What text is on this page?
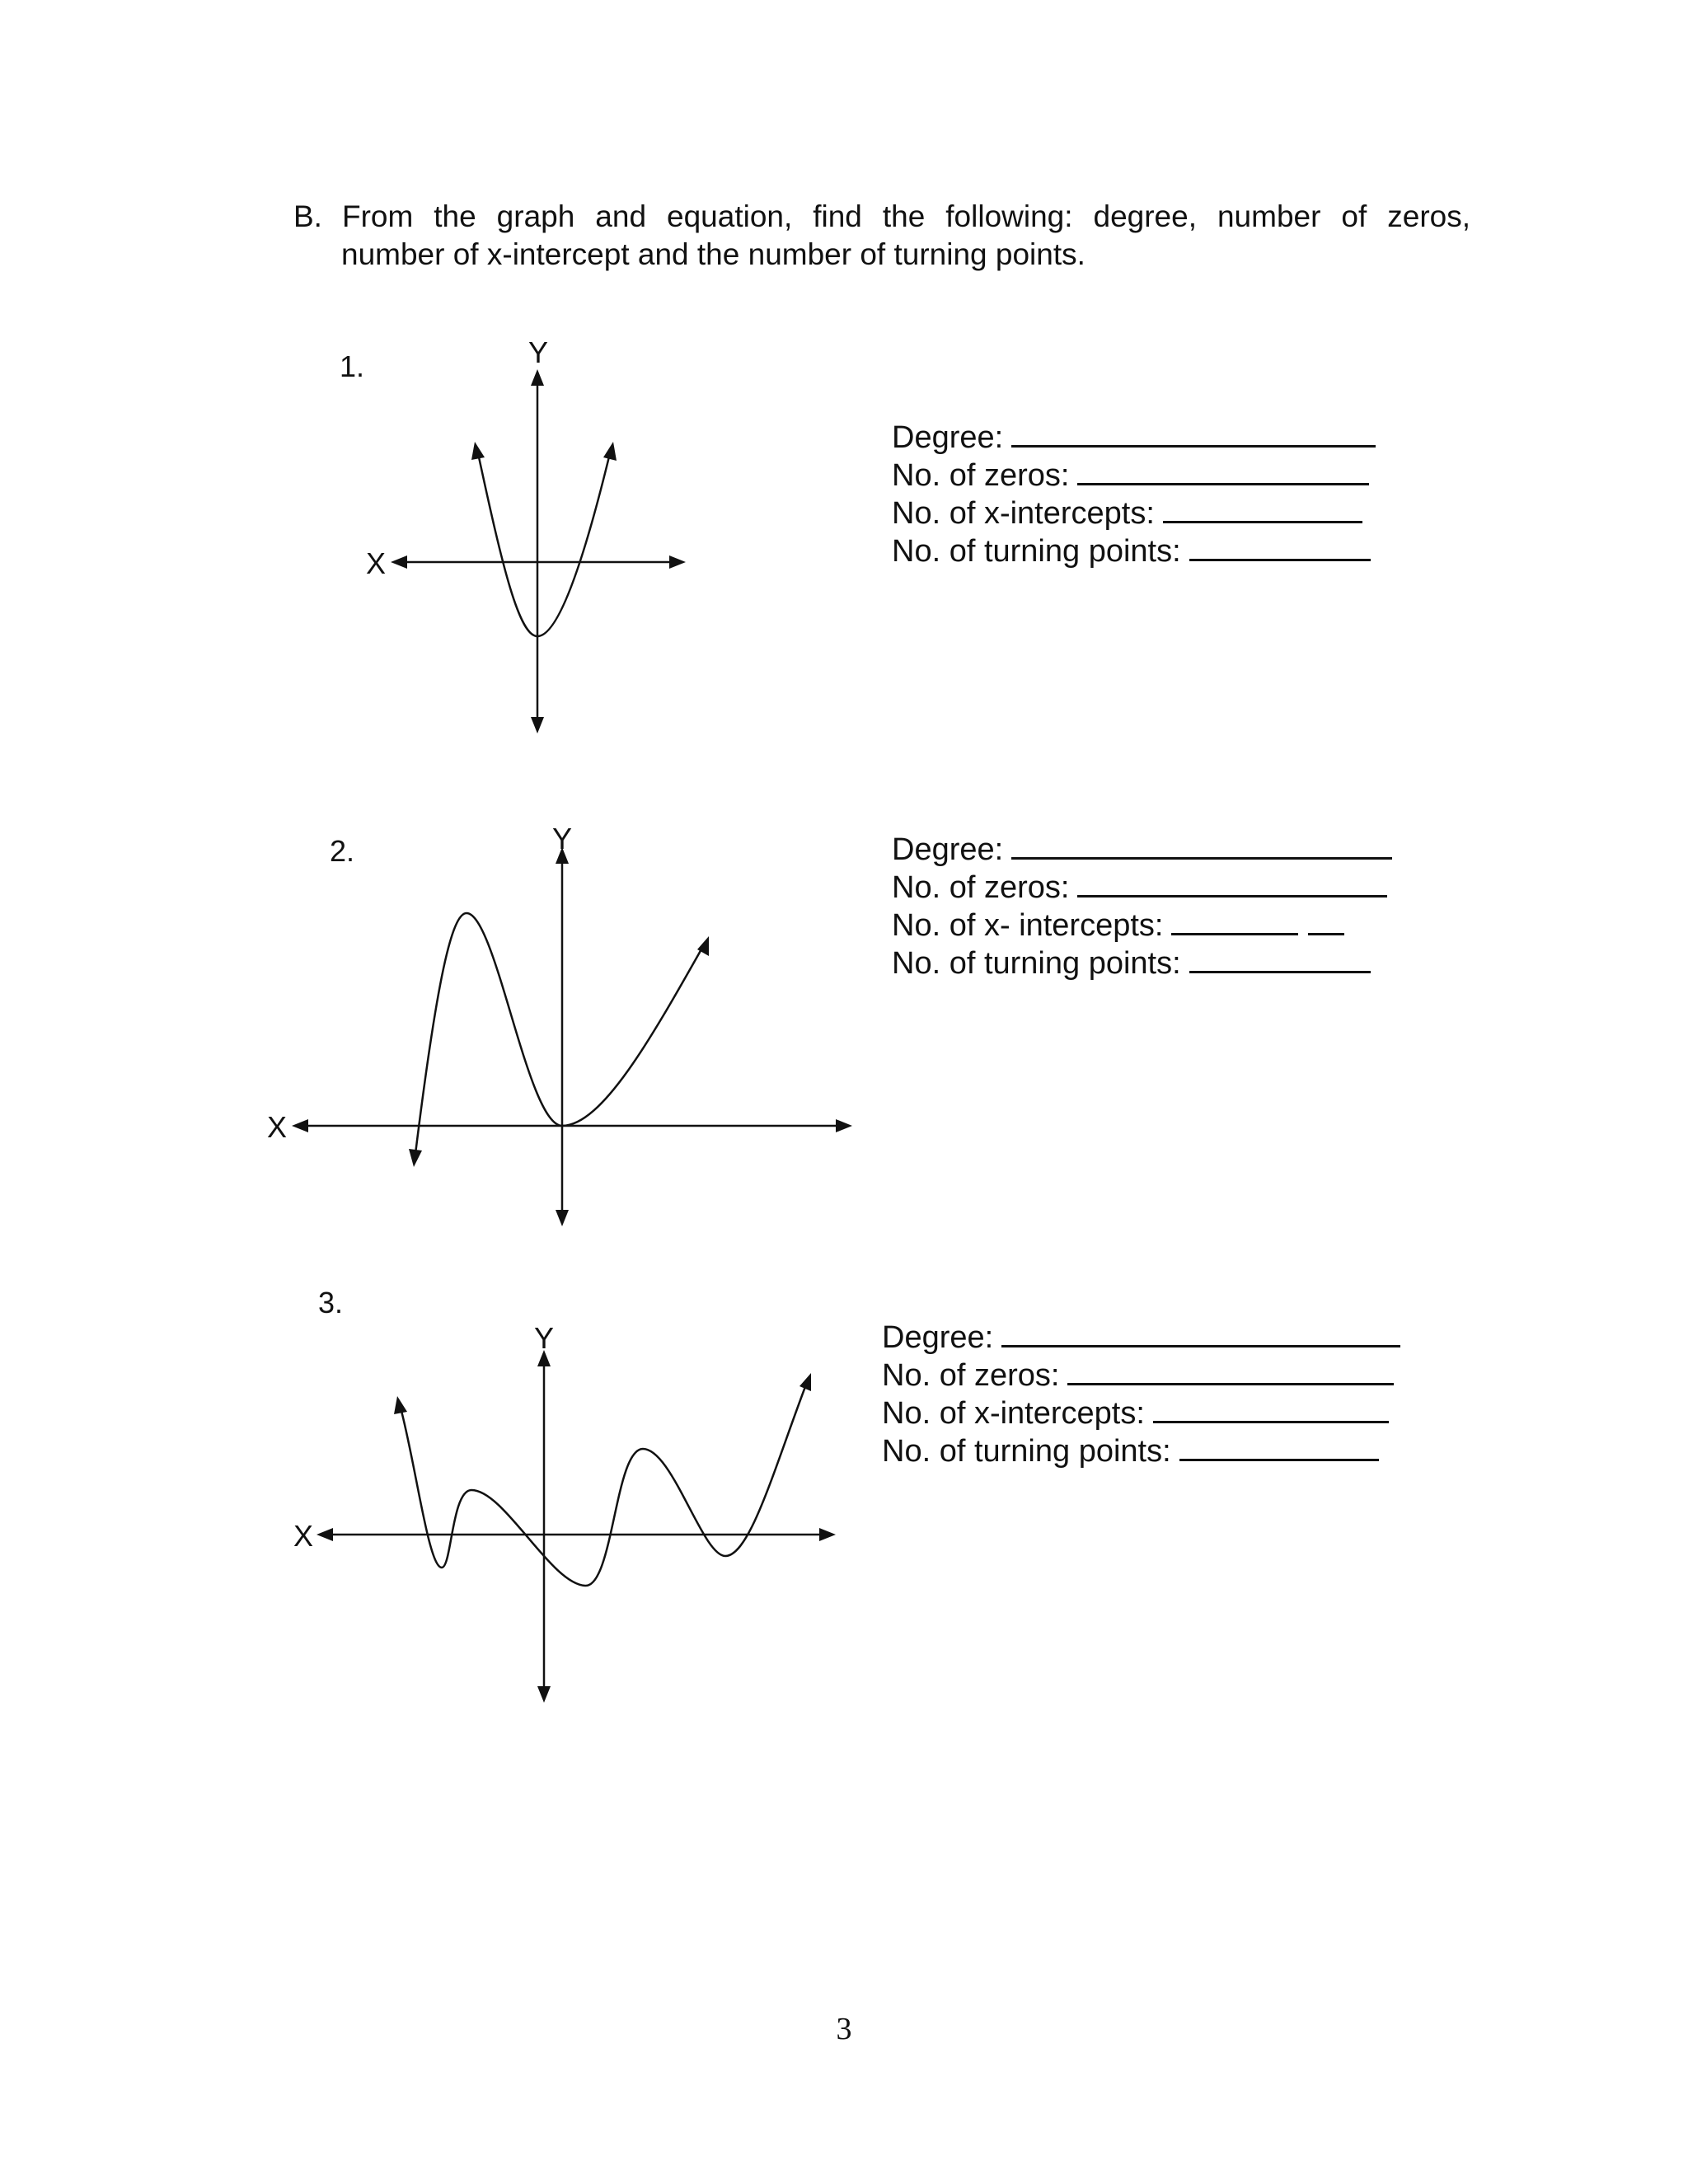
B. From the graph and equation, find the following: degree, number of zeros,
number of x-intercept and the number of turning points.
1.
2.
3.
X
Y
X
Y
X
Y
Degree:
No. of zeros:
No. of x-intercepts:
No. of turning points:
Degree:
No. of zeros:
No. of x- intercepts:
No. of turning points:
Degree:
No. of zeros:
No. of x-intercepts:
No. of turning points:
3
